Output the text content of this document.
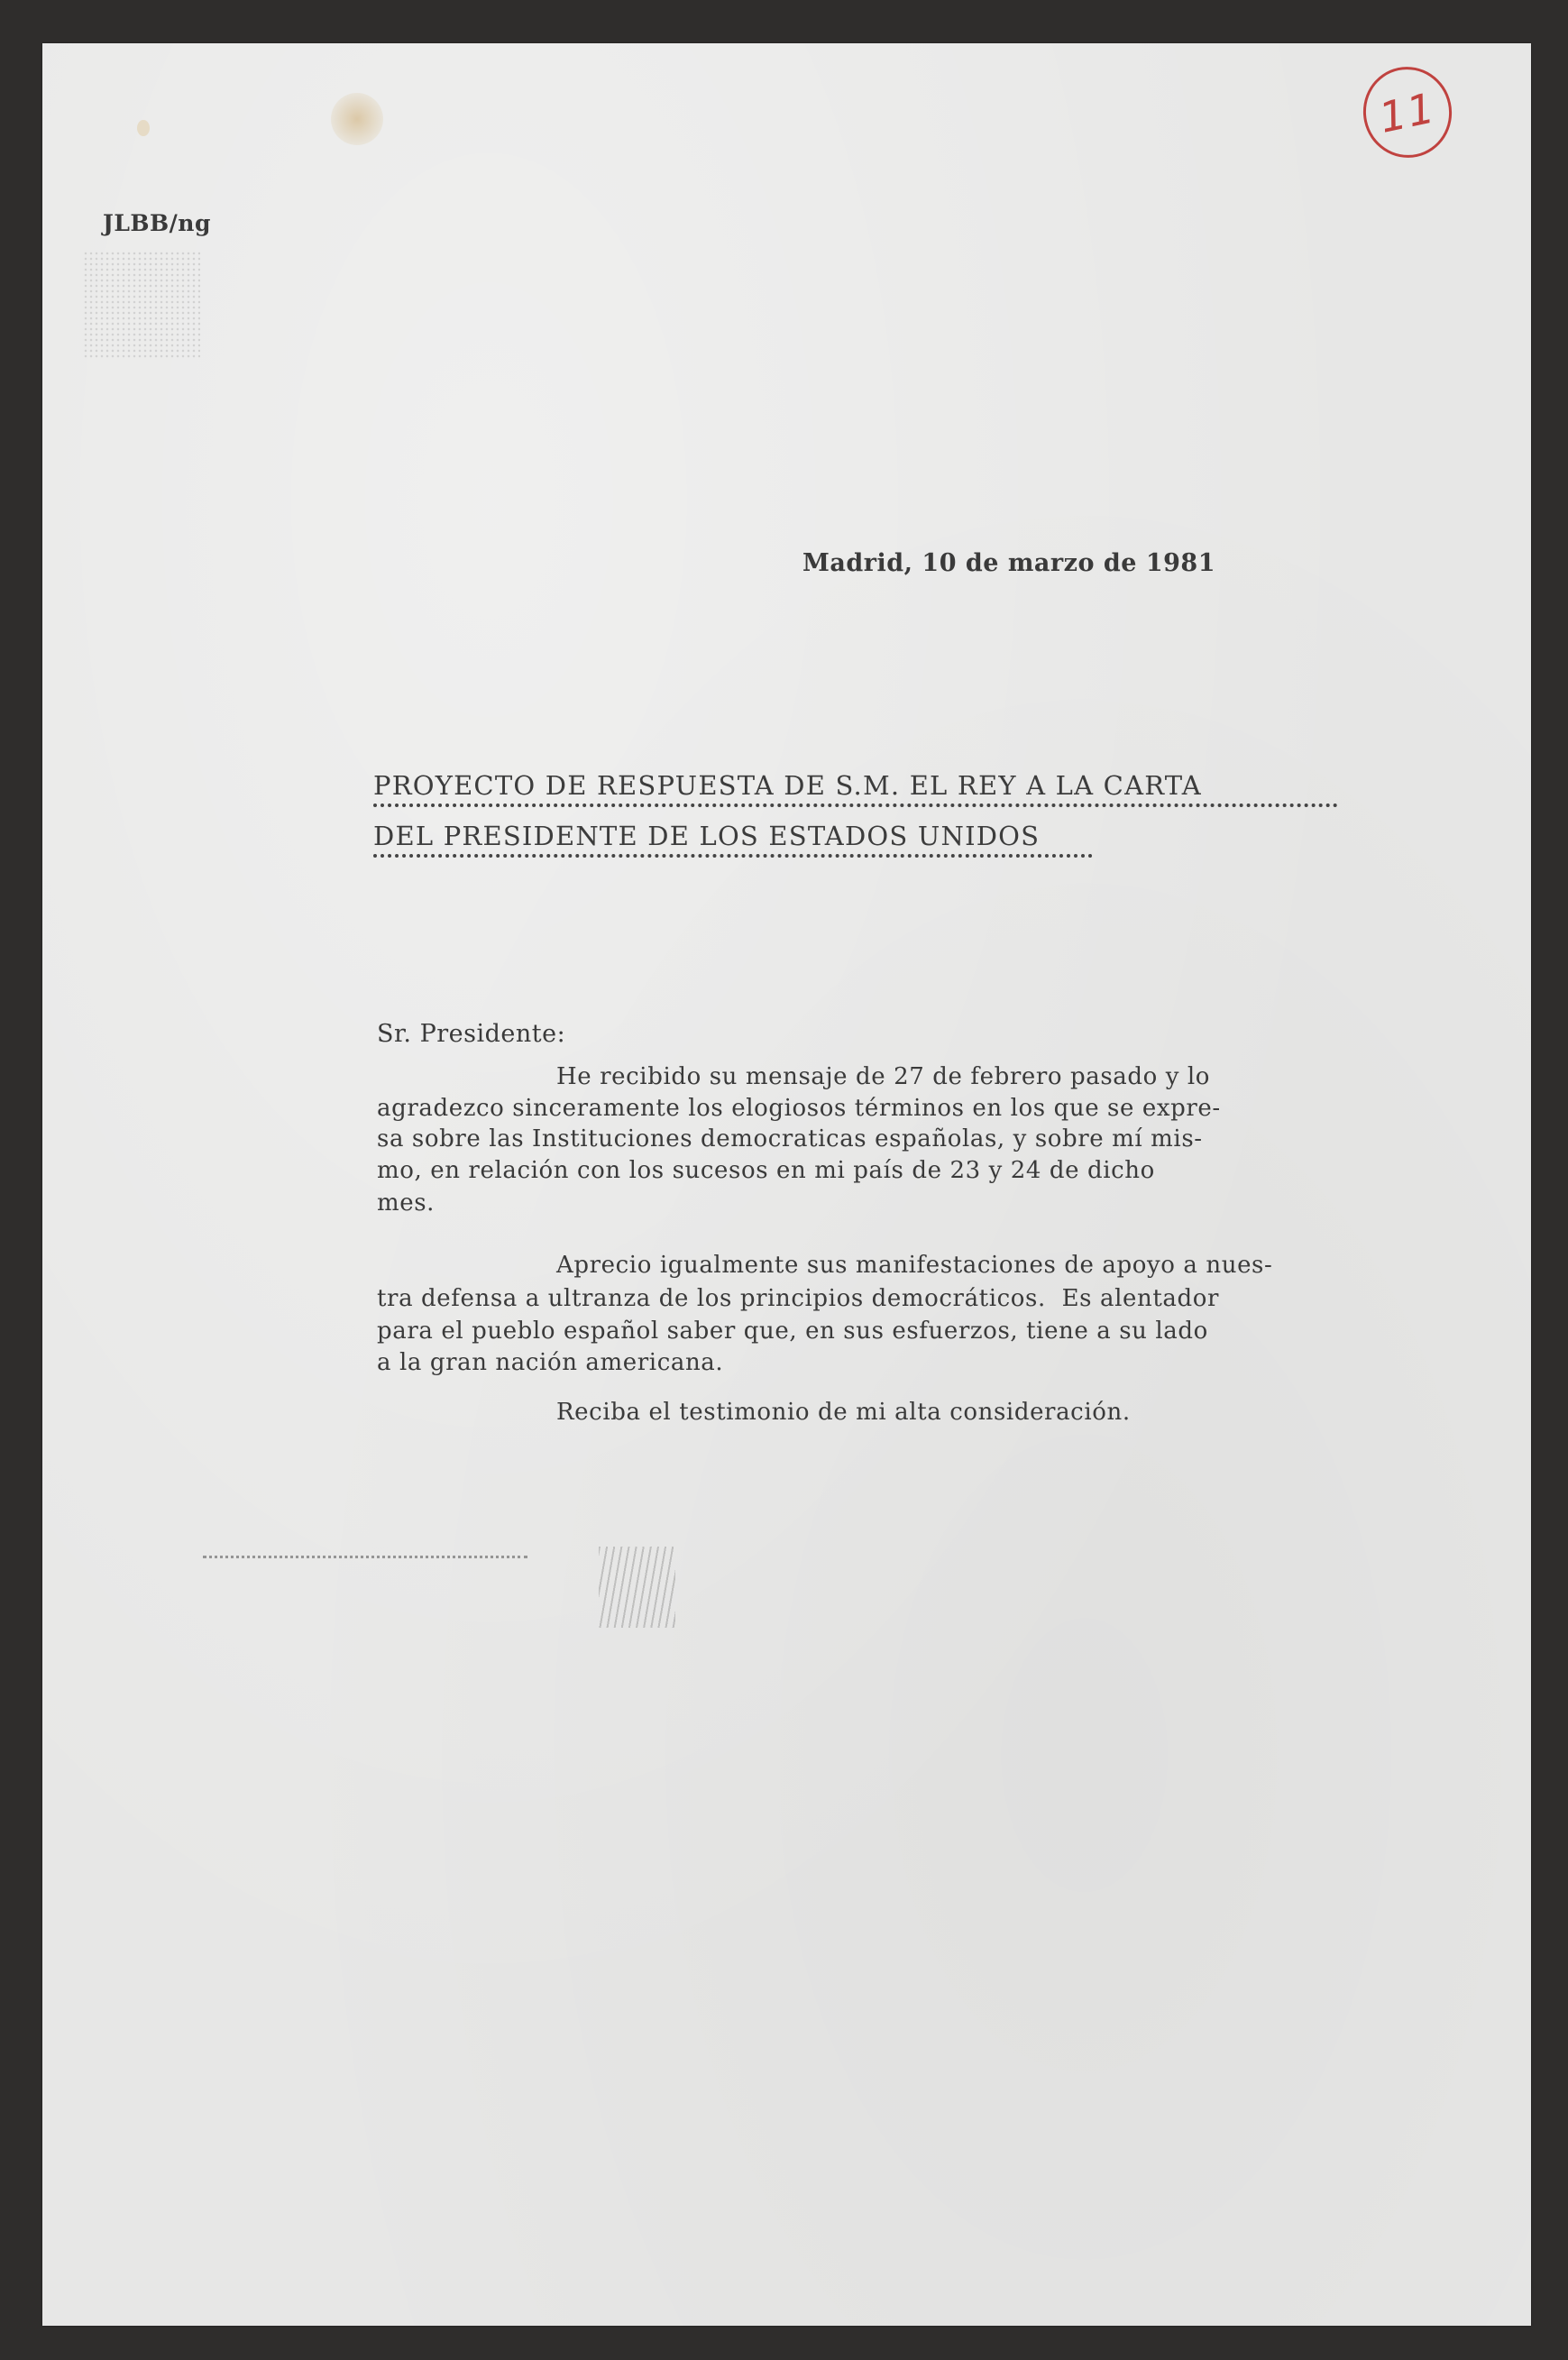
11
JLBB/ng
Madrid, 10 de marzo de 1981
PROYECTO DE RESPUESTA DE S.M. EL REY A LA CARTA
DEL PRESIDENTE DE LOS ESTADOS UNIDOS
Sr. Presidente:
He recibido su mensaje de 27 de febrero pasado y lo
agradezco sinceramente los elogiosos términos en los que se expre-
sa sobre las Instituciones democraticas españolas, y sobre mí mis-
mo, en relación con los sucesos en mi país de 23 y 24 de dicho
mes.
Aprecio igualmente sus manifestaciones de apoyo a nues-
tra defensa a ultranza de los principios democráticos.  Es alentador
para el pueblo español saber que, en sus esfuerzos, tiene a su lado
a la gran nación americana.
Reciba el testimonio de mi alta consideración.
